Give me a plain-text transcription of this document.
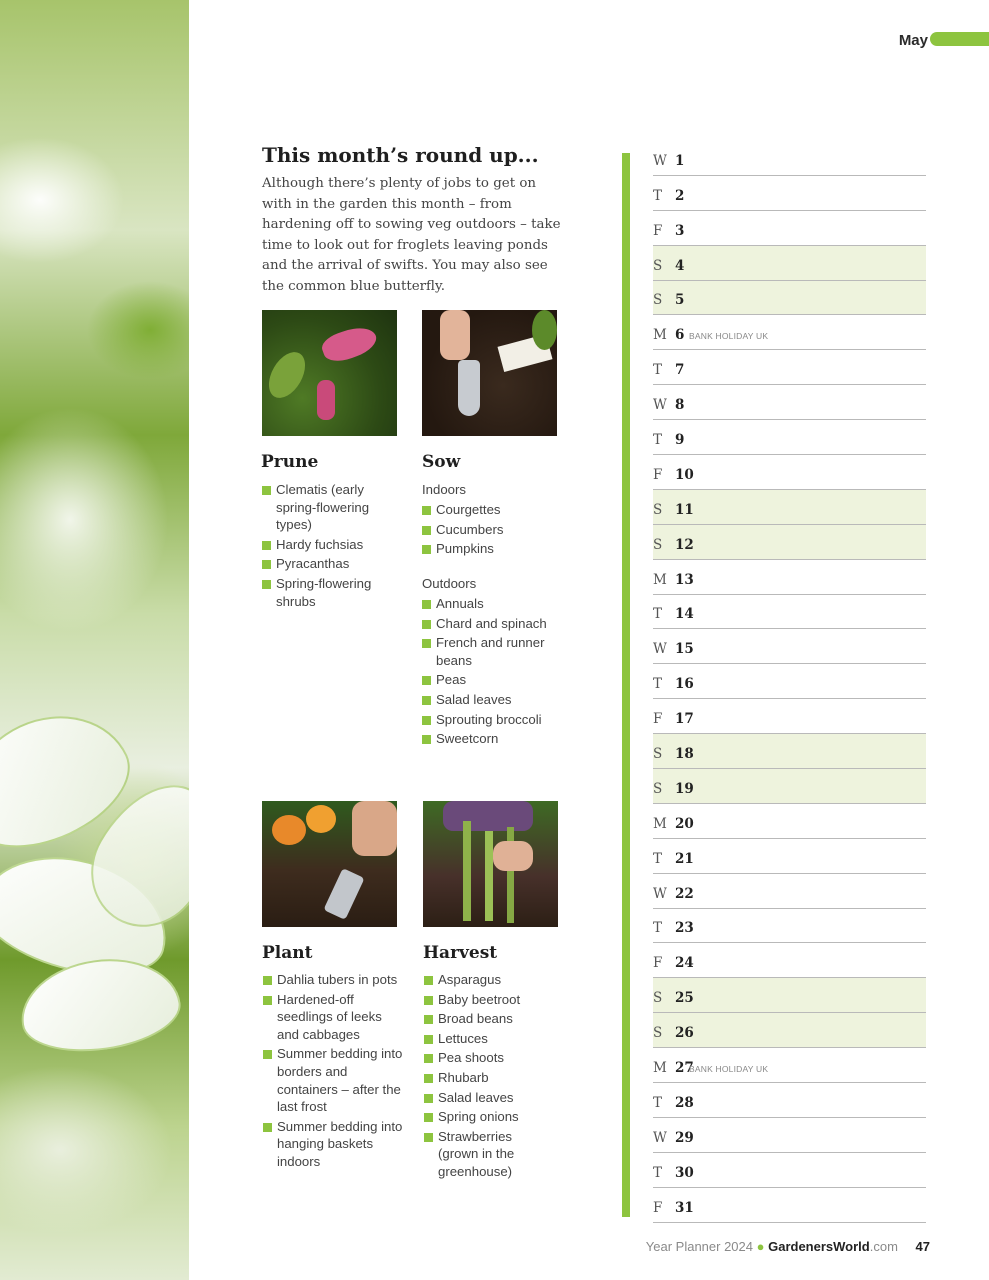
May
This month’s round up...

Although there’s plenty of jobs to get on with in the garden this month – from hardening off to sowing veg outdoors – take time to look out for froglets leaving ponds and the arrival of swifts. You may also see the common blue butterfly.

Prune
Clematis (early spring-flowering types)
Hardy fuchsias
Pyracanthas
Spring-flowering shrubs
Sow
Indoors
Courgettes
Cucumbers
Pumpkins
Outdoors
Annuals
Chard and spinach
French and runner beans
Peas
Salad leaves
Sprouting broccoli
Sweetcorn
Plant
Dahlia tubers in pots
Hardened-off seedlings of leeks and cabbages
Summer bedding into borders and containers – after the last frost
Summer bedding into hanging baskets indoors
Harvest
Asparagus
Baby beetroot
Broad beans
Lettuces
Pea shoots
Rhubarb
Salad leaves
Spring onions
Strawberries (grown in the greenhouse)
W 1
T 2
F 3
S 4
S 5
M 6 BANK HOLIDAY UK
T 7
W 8
T 9
F 10
S 11
S 12
M 13
T 14
W 15
T 16
F 17
S 18
S 19
M 20
T 21
W 22
T 23
F 24
S 25
S 26
M 27
BANK HOLIDAY UK
T 28
W 29
T 30
F 31
Year Planner 2024 ● GardenersWorld.com 47
